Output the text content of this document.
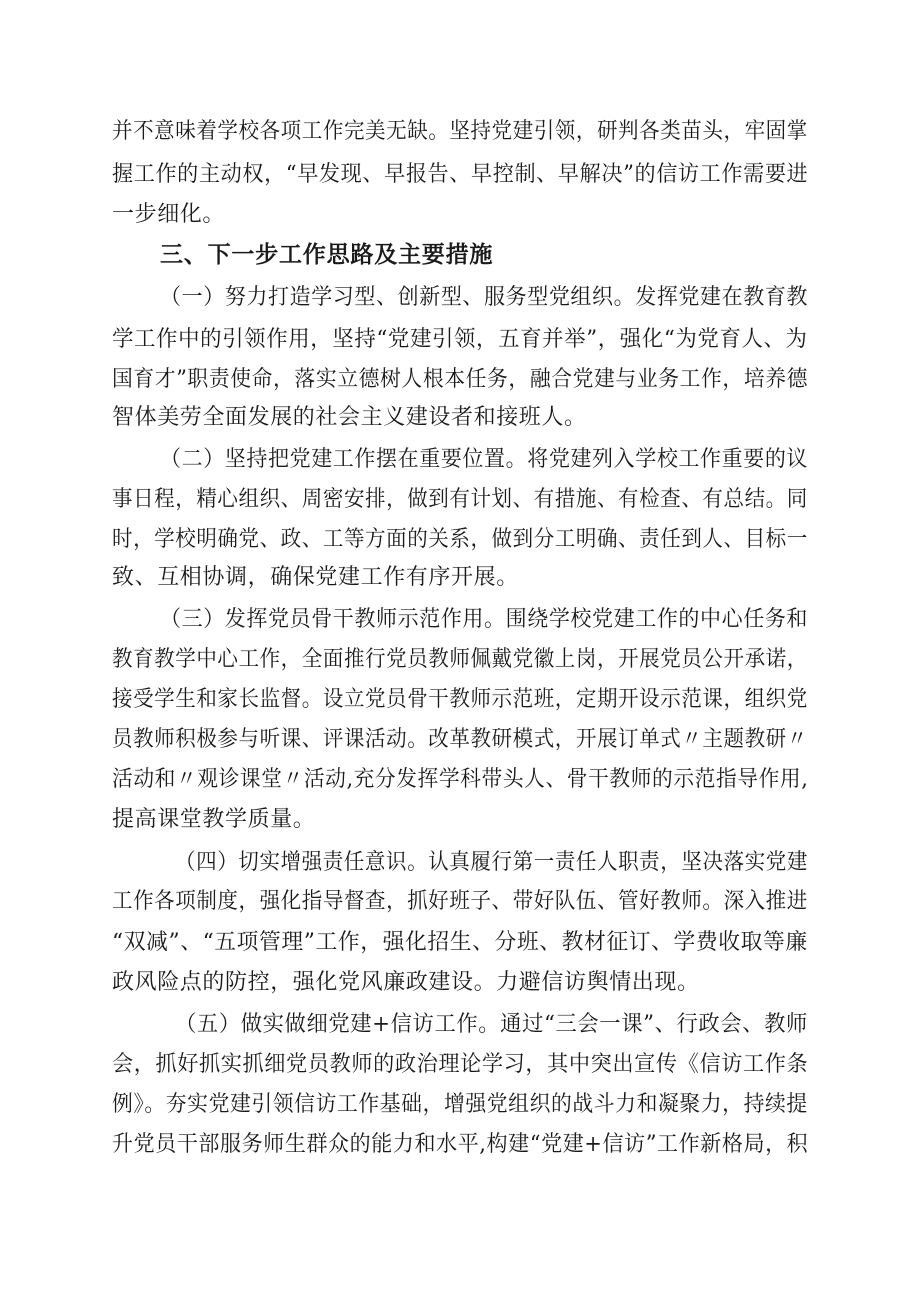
并不意味着学校各项工作完美无缺。坚持党建引领，研判各类苗头，牢固掌
握工作的主动权，“早发现、早报告、早控制、早解决”的信访工作需要进
一步细化。
三、下一步工作思路及主要措施
（一）努力打造学习型、创新型、服务型党组织。发挥党建在教育教
学工作中的引领作用，坚持“党建引领，五育并举”，强化“为党育人、为
国育才”职责使命，落实立德树人根本任务，融合党建与业务工作，培养德
智体美劳全面发展的社会主义建设者和接班人。
（二）坚持把党建工作摆在重要位置。将党建列入学校工作重要的议
事日程，精心组织、周密安排，做到有计划、有措施、有检查、有总结。同
时，学校明确党、政、工等方面的关系，做到分工明确、责任到人、目标一
致、互相协调，确保党建工作有序开展。
（三）发挥党员骨干教师示范作用。围绕学校党建工作的中心任务和
教育教学中心工作，全面推行党员教师佩戴党徽上岗，开展党员公开承诺，
接受学生和家长监督。设立党员骨干教师示范班，定期开设示范课，组织党
员教师积极参与听课、评课活动。改革教研模式，开展订单式〃主题教研〃
活动和〃观诊课堂〃活动,充分发挥学科带头人、骨干教师的示范指导作用,
提高课堂教学质量。
（四）切实增强责任意识。认真履行第一责任人职责，坚决落实党建
工作各项制度，强化指导督查，抓好班子、带好队伍、管好教师。深入推进
“双减”、“五项管理”工作，强化招生、分班、教材征订、学费收取等廉
政风险点的防控，强化党风廉政建设。力避信访舆情出现。
（五）做实做细党建+信访工作。通过“三会一课”、行政会、教师
会，抓好抓实抓细党员教师的政治理论学习，其中突出宣传《信访工作条
例》。夯实党建引领信访工作基础，增强党组织的战斗力和凝聚力，持续提
升党员干部服务师生群众的能力和水平,构建“党建+信访”工作新格局，积
